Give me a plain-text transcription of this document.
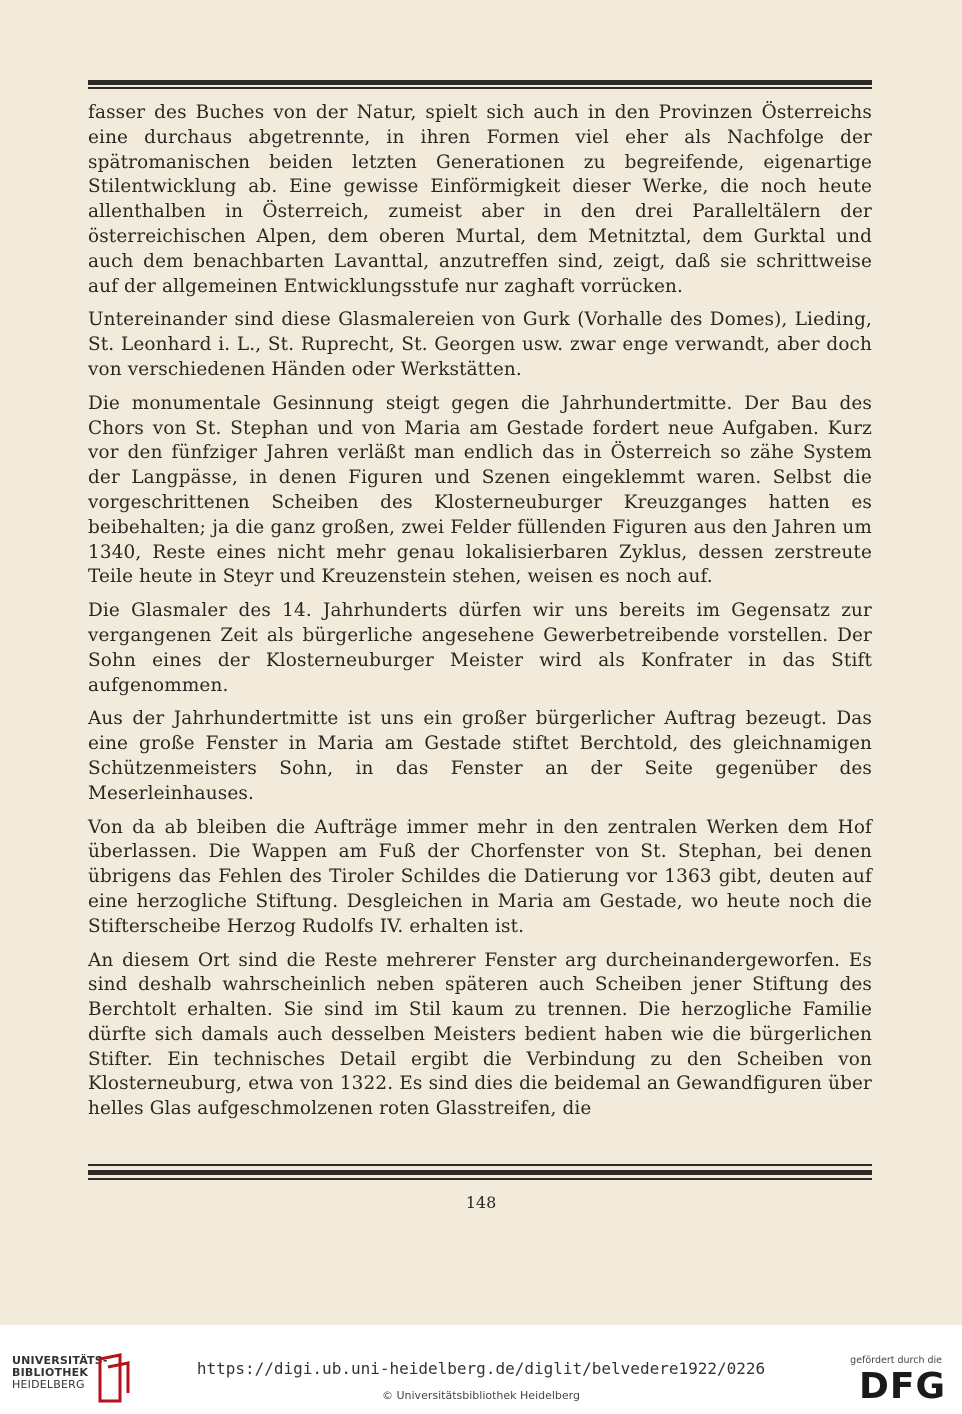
fasser des Buches von der Natur, spielt sich auch in den Provinzen Österreichs eine durchaus abgetrennte, in ihren Formen viel eher als Nachfolge der spätromanischen beiden letzten Generationen zu begreifende, eigenartige Stilentwicklung ab. Eine gewisse Einförmigkeit dieser Werke, die noch heute allenthalben in Österreich, zumeist aber in den drei Paralleltälern der österreichischen Alpen, dem oberen Murtal, dem Metnitztal, dem Gurktal und auch dem benachbarten Lavanttal, anzutreffen sind, zeigt, daß sie schrittweise auf der allgemeinen Entwicklungsstufe nur zaghaft vorrücken.

Untereinander sind diese Glasmalereien von Gurk (Vorhalle des Domes), Lieding, St. Leonhard i. L., St. Ruprecht, St. Georgen usw. zwar enge verwandt, aber doch von verschiedenen Händen oder Werkstätten.

Die monumentale Gesinnung steigt gegen die Jahrhundertmitte. Der Bau des Chors von St. Stephan und von Maria am Gestade fordert neue Aufgaben. Kurz vor den fünfziger Jahren verläßt man endlich das in Österreich so zähe System der Langpässe, in denen Figuren und Szenen eingeklemmt waren. Selbst die vorgeschrittenen Scheiben des Klosterneuburger Kreuzganges hatten es beibehalten; ja die ganz großen, zwei Felder füllenden Figuren aus den Jahren um 1340, Reste eines nicht mehr genau lokalisierbaren Zyklus, dessen zerstreute Teile heute in Steyr und Kreuzenstein stehen, weisen es noch auf.

Die Glasmaler des 14. Jahrhunderts dürfen wir uns bereits im Gegensatz zur vergangenen Zeit als bürgerliche angesehene Gewerbetreibende vorstellen. Der Sohn eines der Klosterneuburger Meister wird als Konfrater in das Stift aufgenommen.

Aus der Jahrhundertmitte ist uns ein großer bürgerlicher Auftrag bezeugt. Das eine große Fenster in Maria am Gestade stiftet Berchtold, des gleichnamigen Schützenmeisters Sohn, in das Fenster an der Seite gegenüber des Meserleinhauses.

Von da ab bleiben die Aufträge immer mehr in den zentralen Werken dem Hof überlassen. Die Wappen am Fuß der Chorfenster von St. Stephan, bei denen übrigens das Fehlen des Tiroler Schildes die Datierung vor 1363 gibt, deuten auf eine herzogliche Stiftung. Desgleichen in Maria am Gestade, wo heute noch die Stifterscheibe Herzog Rudolfs IV. erhalten ist.

An diesem Ort sind die Reste mehrerer Fenster arg durcheinandergeworfen. Es sind deshalb wahrscheinlich neben späteren auch Scheiben jener Stiftung des Berchtolt erhalten. Sie sind im Stil kaum zu trennen. Die herzogliche Familie dürfte sich damals auch desselben Meisters bedient haben wie die bürgerlichen Stifter. Ein technisches Detail ergibt die Verbindung zu den Scheiben von Klosterneuburg, etwa von 1322. Es sind dies die beidemal an Gewandfiguren über helles Glas aufgeschmolzenen roten Glasstreifen, die

148
UNIVERSITÄTS-
BIBLIOTHEK
HEIDELBERG
https://digi.ub.uni-heidelberg.de/diglit/belvedere1922/0226
© Universitätsbibliothek Heidelberg
gefördert durch die
DFG
